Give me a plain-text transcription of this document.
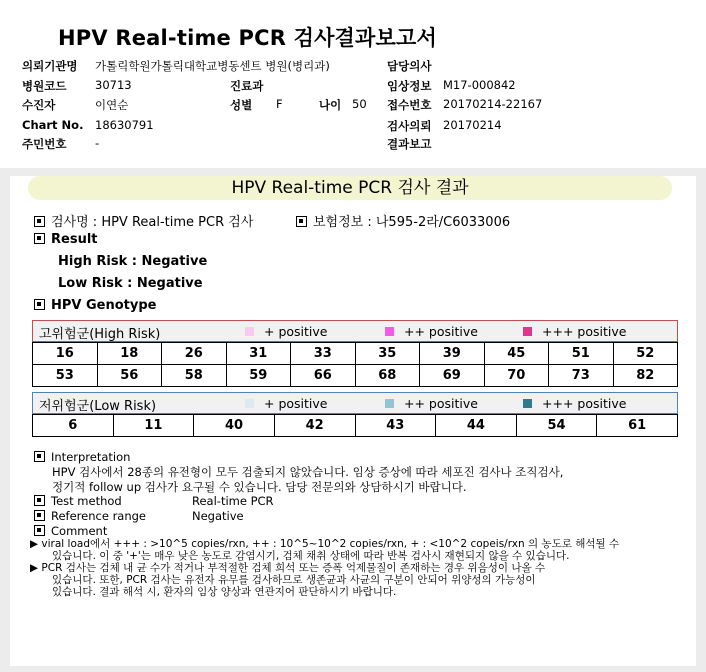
HPV Real-time PCR 검사결과보고서
의뢰기관명 가톨릭학원가톨릭대학교병동센트 병원(병리과)
병원코드 30713	진료과
수진자	이연순	성별 F	나이 50
Chart No. 18630791
주민번호 -
담당의사
임상정보 M17-000842
접수번호 20170214-22167
검사의뢰 20170214
결과보고
HPV Real-time PCR 검사 결과
검사명 : HPV Real-time PCR 검사	보험정보 : 나595-2라/C6033006
Result
High Risk : Negative
Low Risk : Negative
HPV Genotype
고위험군(High Risk)	+ positive	++ positive	+++ positive
16	18	26	31	33	35	39	45	51	52
53	56	58	59	66	68	69	70	73	82
저위험군(Low Risk)	+ positive	++ positive	+++ positive
6	11	40	42	43	44	54	61
Interpretation
HPV 검사에서 28종의 유전형이 모두 검출되지 않았습니다. 임상 증상에 따라 세포진 검사나 조직검사,
정기적 follow up 검사가 요구될 수 있습니다. 담당 전문의와 상담하시기 바랍니다.
Test method	Real-time PCR
Reference range	Negative
Comment
▶ viral load에서 +++ : >10^5 copies/rxn, ++ : 10^5~10^2 copies/rxn, + : <10^2 copeis/rxn 의 농도로 해석될 수
있습니다. 이 중 '+'는 매우 낮은 농도로 감염시기, 검체 채취 상태에 따라 반복 검사시 재현되지 않을 수 있습니다.
▶ PCR 검사는 검체 내 균 수가 적거나 부적절한 검체 희석 또는 증폭 억제물질이 존재하는 경우 위음성이 나올 수
있습니다. 또한, PCR 검사는 유전자 유무를 검사하므로 생존균과 사균의 구분이 안되어 위양성의 가능성이
있습니다. 결과 해석 시, 환자의 임상 양상과 연관지어 판단하시기 바랍니다.
